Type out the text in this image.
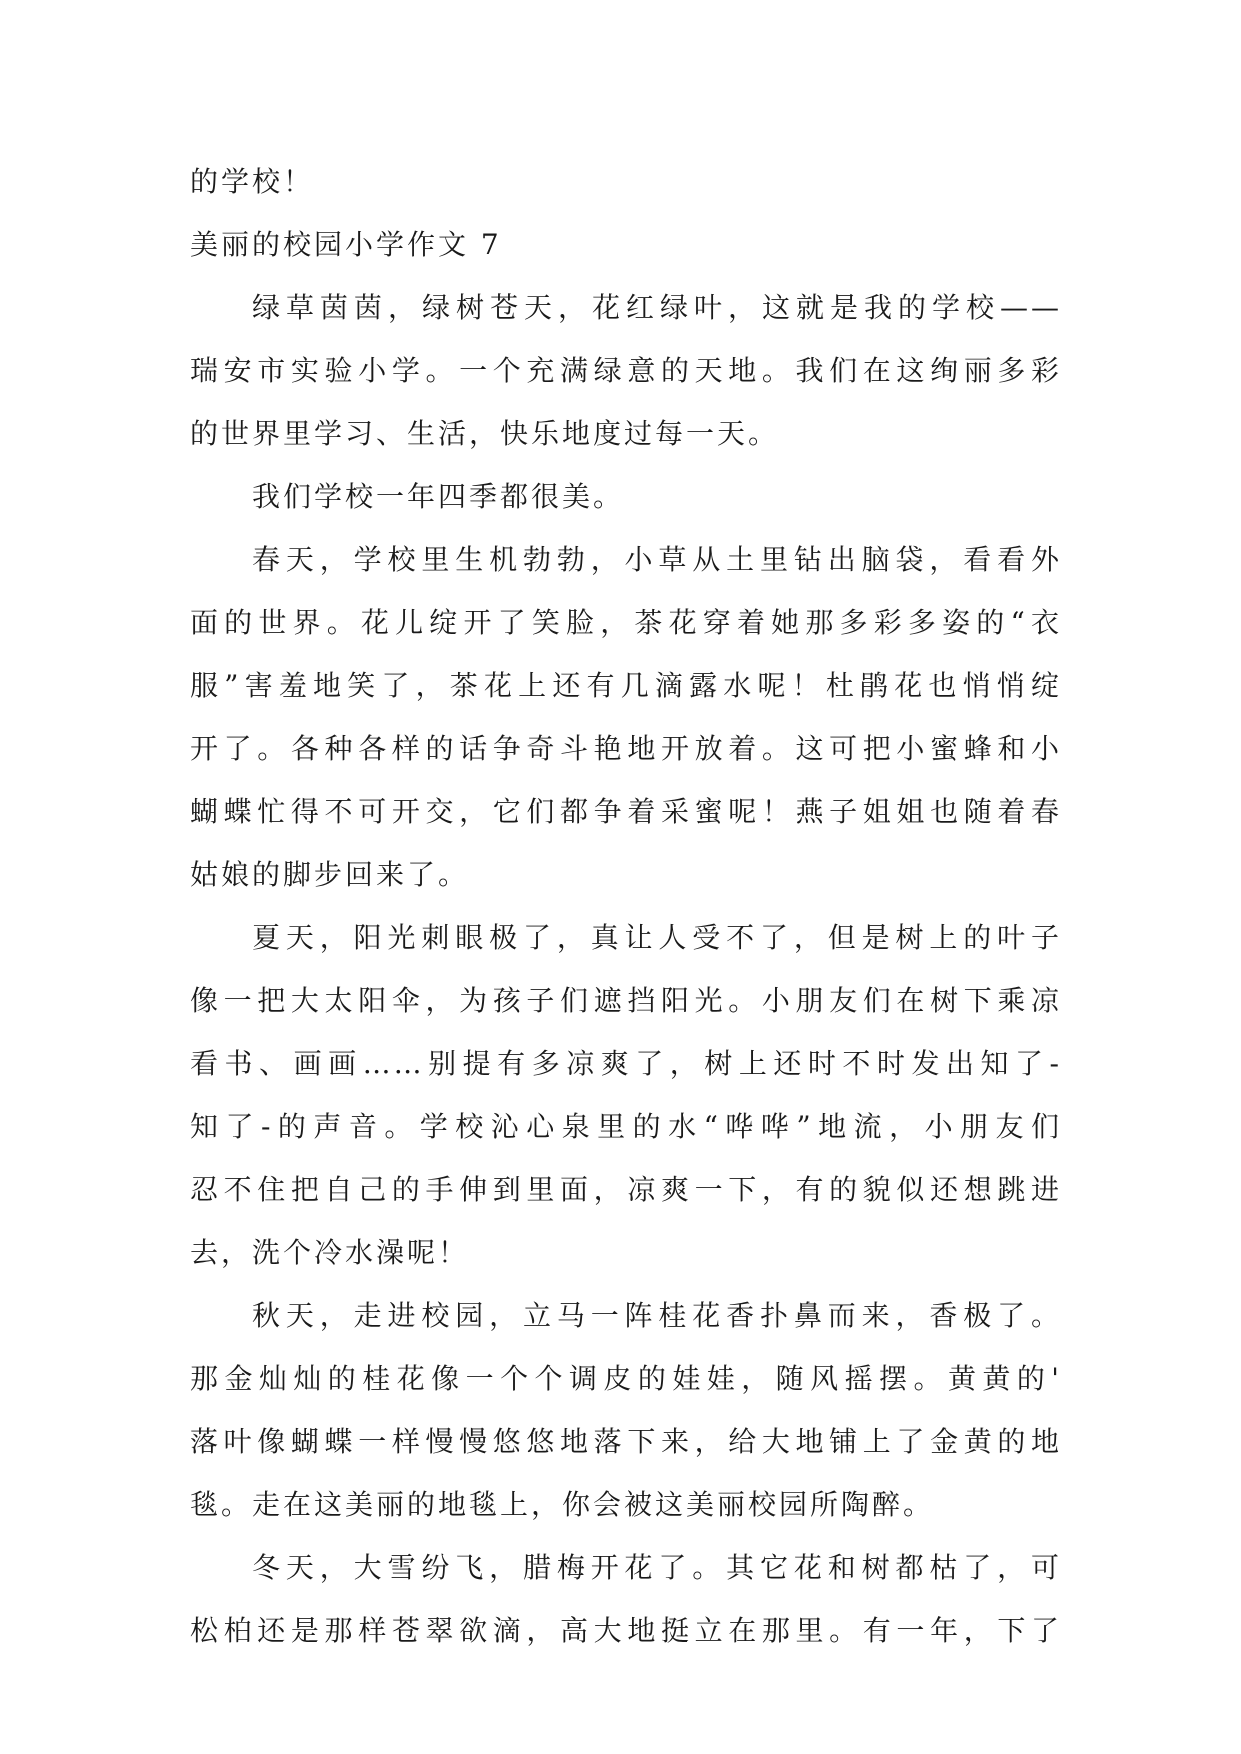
的学校！
美丽的校园小学作文 7
绿草茵茵，绿树苍天，花红绿叶，这就是我的学校——
瑞安市实验小学。一个充满绿意的天地。我们在这绚丽多彩
的世界里学习、生活，快乐地度过每一天。
我们学校一年四季都很美。
春天，学校里生机勃勃，小草从土里钻出脑袋，看看外
面的世界。花儿绽开了笑脸，茶花穿着她那多彩多姿的“衣
服”害羞地笑了，茶花上还有几滴露水呢！杜鹃花也悄悄绽
开了。各种各样的话争奇斗艳地开放着。这可把小蜜蜂和小
蝴蝶忙得不可开交，它们都争着采蜜呢！燕子姐姐也随着春
姑娘的脚步回来了。
夏天，阳光刺眼极了，真让人受不了，但是树上的叶子
像一把大太阳伞，为孩子们遮挡阳光。小朋友们在树下乘凉
看书、画画……别提有多凉爽了，树上还时不时发出知了-
知了-的声音。学校沁心泉里的水“哗哗”地流，小朋友们
忍不住把自己的手伸到里面，凉爽一下，有的貌似还想跳进
去，洗个冷水澡呢！
秋天，走进校园，立马一阵桂花香扑鼻而来，香极了。
那金灿灿的桂花像一个个调皮的娃娃，随风摇摆。黄黄的'
落叶像蝴蝶一样慢慢悠悠地落下来，给大地铺上了金黄的地
毯。走在这美丽的地毯上，你会被这美丽校园所陶醉。
冬天，大雪纷飞，腊梅开花了。其它花和树都枯了，可
松柏还是那样苍翠欲滴，高大地挺立在那里。有一年，下了
